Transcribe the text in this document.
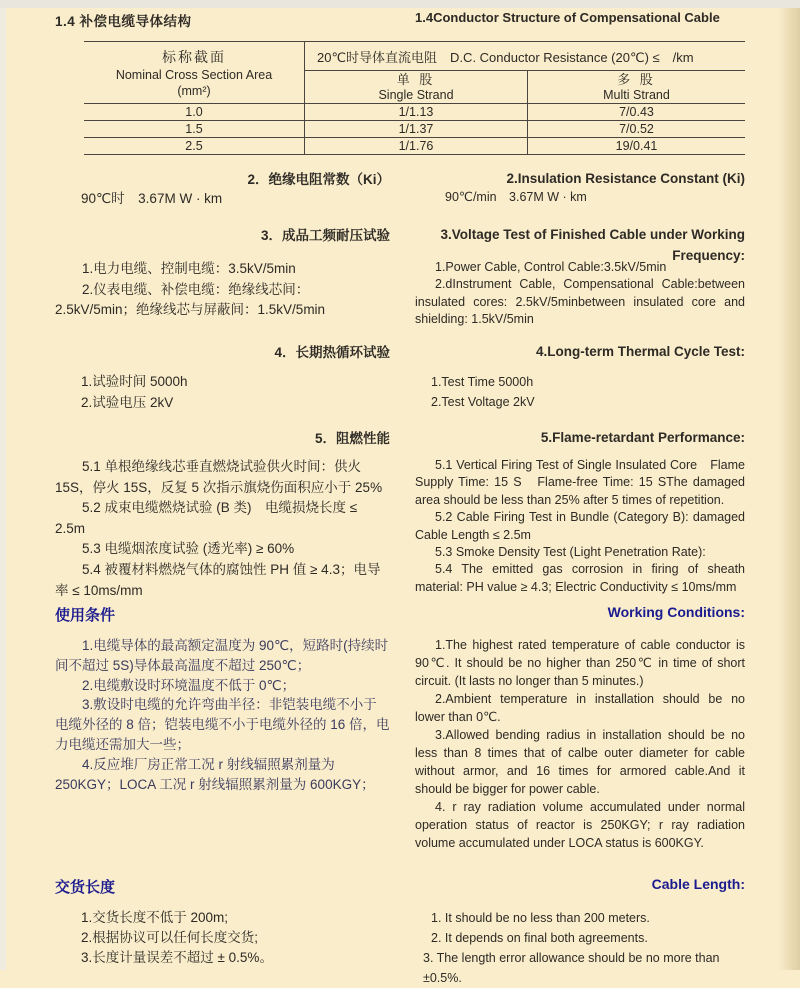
1.4 补偿电缆导体结构	1.4Conductor Structure of Compensational Cable
标称截面
Nominal Cross Section Area
(mm²)
20℃时导体直流电阻　D.C. Conductor Resistance (20℃) ≤　/km
单 股
Single Strand
多 股
Multi Strand
1.0	1/1.13	7/0.43
1.5	1/1.37	7/0.52
2.5	1/1.76	19/0.41
2．绝缘电阻常数（Ki）	2.Insulation Resistance Constant (Ki)

90℃时　3.67M W · km	90℃/min　3.67M W · km

3．成品工频耐压试验	3.Voltage Test of Finished Cable under Working Frequency:

1.电力电缆、控制电缆：3.5kV/5min

2.仪表电缆、补偿电缆：绝缘线芯间：2.5kV/5min；绝缘线芯与屏蔽间：1.5kV/5min

1.Power Cable, Control Cable:3.5kV/5min

2.dInstrument Cable, Compensational Cable:between insulated cores: 2.5kV/5minbetween insulated core and shielding: 1.5kV/5min

4．长期热循环试验	4.Long-term Thermal Cycle Test:

1.试验时间 5000h

2.试验电压 2kV

1.Test Time 5000h

2.Test Voltage 2kV

5．阻燃性能	5.Flame-retardant Performance:

5.1 单根绝缘线芯垂直燃烧试验供火时间：供火15S，停火 15S，反复 5 次指示旗烧伤面积应小于 25%

5.2 成束电缆燃烧试验 (B 类)　电缆损烧长度 ≤ 2.5m

5.3 电缆烟浓度试验 (透光率) ≥ 60%

5.4 被覆材料燃烧气体的腐蚀性 PH 值 ≥ 4.3；电导率 ≤ 10ms/mm

5.1 Vertical Firing Test of Single Insulated Core　Flame Supply Time: 15 S　Flame-free Time: 15 SThe damaged area should be less than 25% after 5 times of repetition.

5.2 Cable Firing Test in Bundle (Category B): damaged Cable Length ≤ 2.5m

5.3 Smoke Density Test (Light Penetration Rate):

5.4 The emitted gas corrosion in firing of sheath material: PH value ≥ 4.3; Electric Conductivity ≤ 10ms/mm

使用条件	Working Conditions:

1.电缆导体的最高额定温度为 90℃，短路时(持续时间不超过 5S)导体最高温度不超过 250℃；

2.电缆敷设时环境温度不低于 0℃；

3.敷设时电缆的允许弯曲半径：非铠装电缆不小于电缆外径的 8 倍；铠装电缆不小于电缆外径的 16 倍，电力电缆还需加大一些；

4.反应堆厂房正常工况 r 射线辐照累剂量为 250KGY；LOCA 工况 r 射线辐照累剂量为 600KGY；

1.The highest rated temperature of cable conductor is 90℃. It should be no higher than 250℃ in time of short circuit. (It lasts no longer than 5 minutes.)

2.Ambient temperature in installation should be no lower than 0℃.

3.Allowed bending radius in installation should be no less than 8 times that of calbe outer diameter for cable without armor, and 16 times for armored cable.And it should be bigger for power cable.

4. r ray radiation volume accumulated under normal operation status of reactor is 250KGY; r ray radiation volume accumulated under LOCA status is 600KGY.

交货长度	Cable Length:

1.交货长度不低于 200m;

2.根据协议可以任何长度交货;

3.长度计量误差不超过 ± 0.5%。

1. It should be no less than 200 meters.

2. It depends on final both agreements.

3. The length error allowance should be no more than ±0.5%.
